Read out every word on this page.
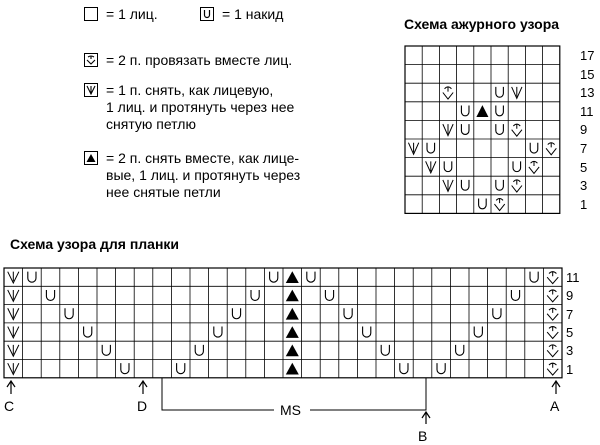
= 1 лиц.	= 1 накид
= 2 п. провязать вместе лиц.
= 1 п. снять, как лицевую,
1 лиц. и протянуть через нее
снятую петлю
= 2 п. снять вместе, как лице-
вые, 1 лиц. и протянуть через
нее снятые петли
Схема ажурного узора
Схема узора для планки
17
15
13
11
9
7
5
3
1
11
9
7
5
3
1
C	D	MS
B
A
